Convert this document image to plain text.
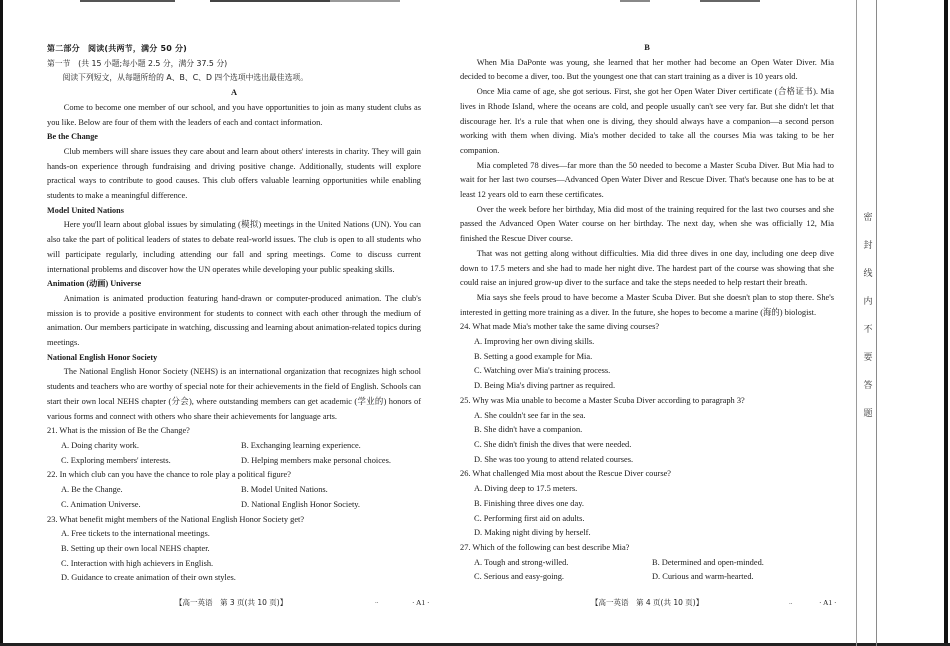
第二部分　阅读(共两节，满分 50 分)
第一节　(共 15 小题;每小题 2.5 分，满分 37.5 分)
阅读下列短文，从每题所给的 A、B、C、D 四个选项中选出最佳选项。
A

Come to become one member of our school, and you have opportunities to join as many student clubs as you like. Below are four of them with the leaders of each and contact information.

Be the Change

Club members will share issues they care about and learn about others' interests in charity. They will gain hands-on experience through fundraising and driving positive change. Additionally, students will explore practical ways to contribute to good causes. This club offers valuable learning opportunities while enabling students to make a meaningful difference.

Model United Nations

Here you'll learn about global issues by simulating (模拟) meetings in the United Nations (UN). You can also take the part of political leaders of states to debate real-world issues. The club is open to all students who will participate regularly, including attending our fall and spring meetings. Come to discuss current international problems and discover how the UN operates while developing your public speaking skills.

Animation (动画) Universe

Animation is animated production featuring hand-drawn or computer-produced animation. The club's mission is to provide a positive environment for students to connect with each other through the medium of animation. Our members participate in watching, discussing and learning about animation-related topics during meetings.

National English Honor Society

The National English Honor Society (NEHS) is an international organization that recognizes high school students and teachers who are worthy of special note for their achievements in the field of English. Schools can start their own local NEHS chapter (分会), where outstanding members can get academic (学业的) honors of various forms and connect with others who share their achievements for language arts.

21. What is the mission of Be the Change?
A. Doing charity work.	B. Exchanging learning experience.
C. Exploring members' interests.	D. Helping members make personal choices.
22. In which club can you have the chance to role play a political figure?
A. Be the Change.	B. Model United Nations.
C. Animation Universe.	D. National English Honor Society.
23. What benefit might members of the National English Honor Society get?
A. Free tickets to the international meetings.
B. Setting up their own local NEHS chapter.
C. Interaction with high achievers in English.
D. Guidance to create animation of their own styles.
【高一英语　第 3 页(共 10 页)】	..	· A1 ·
B

When Mia DaPonte was young, she learned that her mother had become an Open Water Diver. Mia decided to become a diver, too. But the youngest one that can start training as a diver is 10 years old.

Once Mia came of age, she got serious. First, she got her Open Water Diver certificate (合格证书). Mia lives in Rhode Island, where the oceans are cold, and people usually can't see very far. But she didn't let that discourage her. It's a rule that when one is diving, they should always have a companion—a second person working with them when diving. Mia's mother decided to take all the courses Mia was taking to be her companion.

Mia completed 78 dives—far more than the 50 needed to become a Master Scuba Diver. But Mia had to wait for her last two courses—Advanced Open Water Diver and Rescue Diver. That's because one has to be at least 12 years old to earn these certificates.

Over the week before her birthday, Mia did most of the training required for the last two courses and she passed the Advanced Open Water course on her birthday. The next day, when she was officially 12, Mia finished the Rescue Diver course.

That was not getting along without difficulties. Mia did three dives in one day, including one deep dive down to 17.5 meters and she had to made her night dive. The hardest part of the course was showing that she could raise an injured grow-up diver to the surface and take the steps needed to help restart their breath.

Mia says she feels proud to have become a Master Scuba Diver. But she doesn't plan to stop there. She's interested in getting more training as a diver. In the future, she hopes to become a marine (海的) biologist.

24. What made Mia's mother take the same diving courses?
A. Improving her own diving skills.
B. Setting a good example for Mia.
C. Watching over Mia's training process.
D. Being Mia's diving partner as required.
25. Why was Mia unable to become a Master Scuba Diver according to paragraph 3?
A. She couldn't see far in the sea.
B. She didn't have a companion.
C. She didn't finish the dives that were needed.
D. She was too young to attend related courses.
26. What challenged Mia most about the Rescue Diver course?
A. Diving deep to 17.5 meters.
B. Finishing three dives one day.
C. Performing first aid on adults.
D. Making night diving by herself.
27. Which of the following can best describe Mia?
A. Tough and strong-willed.	B. Determined and open-minded.
C. Serious and easy-going.	D. Curious and warm-hearted.
【高一英语　第 4 页(共 10 页)】	..	· A1 ·
密
封
线
内
不
要
答
题
